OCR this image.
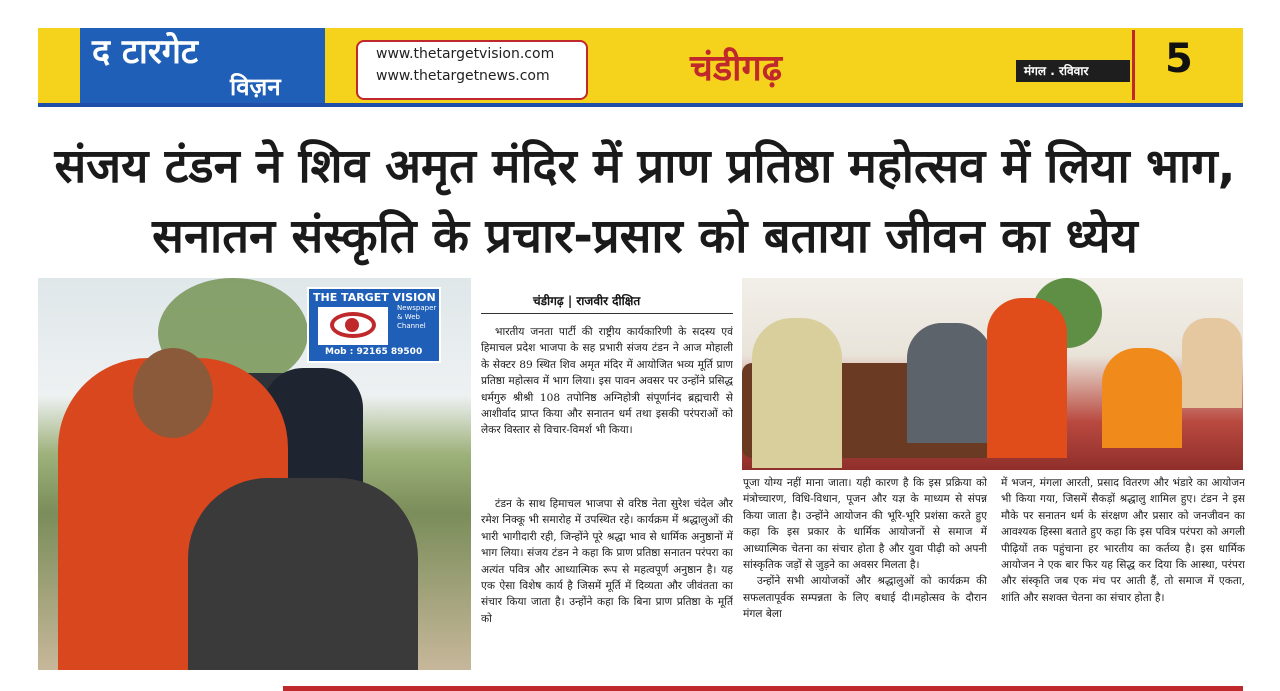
द टारगेट
विज़न
www.thetargetvision.com
www.thetargetnews.com	चंडीगढ़	मंगल . रविवार 5
संजय टंडन ने शिव अमृत मंदिर में प्राण प्रतिष्ठा महोत्सव में लिया भाग, सनातन संस्कृति के प्रचार-प्रसार को बताया जीवन का ध्येय
THE TARGET VISION
Newspaper & Web Channel
Mob : 92165 89500
चंडीगढ़ | राजवीर दीक्षित
भारतीय जनता पार्टी की राष्ट्रीय कार्यकारिणी के सदस्य एवं हिमाचल प्रदेश भाजपा के सह प्रभारी संजय टंडन ने आज मोहाली के सेक्टर 89 स्थित शिव अमृत मंदिर में आयोजित भव्य मूर्ति प्राण प्रतिष्ठा महोत्सव में भाग लिया। इस पावन अवसर पर उन्होंने प्रसिद्ध धर्मगुरु श्रीश्री 108 तपोनिष्ठ अग्निहोत्री संपूर्णानंद ब्रह्मचारी से आशीर्वाद प्राप्त किया और सनातन धर्म तथा इसकी परंपराओं को लेकर विस्तार से विचार-विमर्श भी किया।
टंडन के साथ हिमाचल भाजपा से वरिष्ठ नेता सुरेश चंदेल और रमेश निक्कू भी समारोह में उपस्थित रहे। कार्यक्रम में श्रद्धालुओं की भारी भागीदारी रही, जिन्होंने पूरे श्रद्धा भाव से धार्मिक अनुष्ठानों में भाग लिया। संजय टंडन ने कहा कि प्राण प्रतिष्ठा सनातन परंपरा का अत्यंत पवित्र और आध्यात्मिक रूप से महत्वपूर्ण अनुष्ठान है। यह एक ऐसा विशेष कार्य है जिसमें मूर्ति में दिव्यता और जीवंतता का संचार किया जाता है। उन्होंने कहा कि बिना प्राण प्रतिष्ठा के मूर्ति को
पूजा योग्य नहीं माना जाता। यही कारण है कि इस प्रक्रिया को मंत्रोच्चारण, विधि-विधान, पूजन और यज्ञ के माध्यम से संपन्न किया जाता है। उन्होंने आयोजन की भूरि-भूरि प्रशंसा करते हुए कहा कि इस प्रकार के धार्मिक आयोजनों से समाज में आध्यात्मिक चेतना का संचार होता है और युवा पीढ़ी को अपनी सांस्कृतिक जड़ों से जुड़ने का अवसर मिलता है।
उन्होंने सभी आयोजकों और श्रद्धालुओं को कार्यक्रम की सफलतापूर्वक सम्पन्नता के लिए बधाई दी।महोत्सव के दौरान मंगल बेला
में भजन, मंगला आरती, प्रसाद वितरण और भंडारे का आयोजन भी किया गया, जिसमें सैकड़ों श्रद्धालु शामिल हुए। टंडन ने इस मौके पर सनातन धर्म के संरक्षण और प्रसार को जनजीवन का आवश्यक हिस्सा बताते हुए कहा कि इस पवित्र परंपरा को अगली पीढ़ियों तक पहुंचाना हर भारतीय का कर्तव्य है। इस धार्मिक आयोजन ने एक बार फिर यह सिद्ध कर दिया कि आस्था, परंपरा और संस्कृति जब एक मंच पर आती हैं, तो समाज में एकता, शांति और सशक्त चेतना का संचार होता है।
